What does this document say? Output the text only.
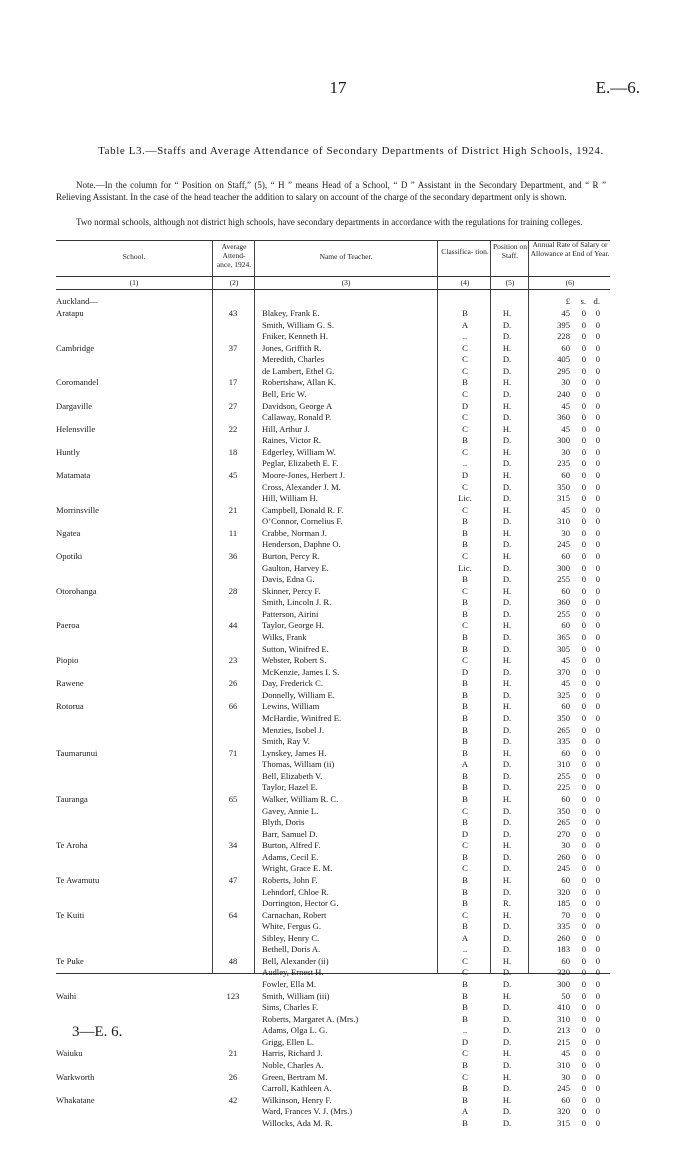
17	E.—6.
Table L3.—Staffs and Average Attendance of Secondary Departments of District High Schools, 1924.
Note.—In the column for “ Position on Staff,” (5), “ H ” means Head of a School, “ D ” Assistant in the Secondary Department, and “ R ” Relieving Assistant. In the case of the head teacher the addition to salary on account of the charge of the secondary department only is shown.
Two normal schools, although not district high schools, have secondary departments in accordance with the regulations for training colleges.
School.
Average Attend- ance, 1924.
Name of Teacher.
Classifica- tion.
Position on Staff.
Annual Rate of Salary or Allowance at End of Year.
(1)	(2)	(3)	(4)	(5)	(6)
Auckland—	£	s. d.
Aratapu	43	Blakey, Frank E.	B	H.	45	0	0
Smith, William G. S.	A	D.	395	0	0
Fniker, Kenneth H.	..	D.	228	0	0
Cambridge	37	Jones, Griffith R.	C	H.	60	0	0
Meredith, Charles	C	D.	405	0	0
de Lambert, Ethel G.	C	D.	295	0	0
Coromandel	17	Robertshaw, Allan K.	B	H.	30	0	0
Bell, Eric W.	C	D.	240	0	0
Dargaville	27	Davidson, George A	D	H.	45	0	0
Callaway, Ronald P.	C	D.	360	0	0
Helensville	22	Hill, Arthur J.	C	H.	45	0	0
Raines, Victor R.	B	D.	300	0	0
Huntly	18	Edgerley, William W.	C	H.	30	0	0
Peglar, Elizabeth E. F.	..	D.	235	0	0
Matamata	45	Moore-Jones, Herbert J.	D	H.	60	0	0
Cross, Alexander J. M.	C	D.	350	0	0
Hill, William H.	Lic.	D.	315	0	0
Morrinsville	21	Campbell, Donald R. F.	C	H.	45	0	0
O’Connor, Cornelius F.	B	D.	310	0	0
Ngatea	11	Crabbe, Norman J.	B	H.	30	0	0
Henderson, Daphne O.	B	D.	245	0	0
Opotiki	36	Burton, Percy R.	C	H.	60	0	0
Gaulton, Harvey E.	Lic.	D.	300	0	0
Davis, Edna G.	B	D.	255	0	0
Otorohanga	28	Skinner, Percy F.	C	H.	60	0	0
Smith, Lincoln J. R.	B	D.	360	0	0
Patterson, Airini	B	D.	255	0	0
Paeroa	44	Taylor, George H.	C	H.	60	0	0
Wilks, Frank	B	D.	365	0	0
Sutton, Winifred E.	B	D.	305	0	0
Piopio	23	Webster, Robert S.	C	H.	45	0	0
McKenzie, James I. S.	D	D.	370	0	0
Rawene	26	Day, Frederick C.	B	H.	45	0	0
Donnelly, William E.	B	D.	325	0	0
Rotorua	66	Lewins, William	B	H.	60	0	0
McHardie, Winifred E.	B	D.	350	0	0
Menzies, Isobel J.	B	D.	265	0	0
Smith, Ray V.	B	D.	335	0	0
Taumarunui	71	Lynskey, James H.	B	H.	60	0	0
Thomas, William (ii)	A	D.	310	0	0
Bell, Elizabeth V.	B	D.	255	0	0
Taylor, Hazel E.	B	D.	225	0	0
Tauranga	65	Walker, William R. C.	B	H.	60	0	0
Gavey, Annie L.	C	D.	350	0	0
Blyth, Doris	B	D.	265	0	0
Barr, Samuel D.	D	D.	270	0	0
Te Aroha	34	Burton, Alfred F.	C	H.	30	0	0
Adams, Cecil E.	B	D.	260	0	0
Wright, Grace E. M.	C	D.	245	0	0
Te Awamutu	47	Roberts, John F.	B	H.	60	0	0
Lehndorf, Chloe R.	B	D.	320	0	0
Dorrington, Hector G.	B	R.	185	0	0
Te Kuiti	64	Carnachan, Robert	C	H.	70	0	0
White, Fergus G.	B	D.	335	0	0
Sibley, Henry C.	A	D.	260	0	0
Bethell, Doris A.	..	D.	183	0	0
Te Puke	48	Bell, Alexander (ii)	C	H.	60	0	0
Audley, Ernest H.	C	D.	320	0	0
Fowler, Ella M.	B	D.	300	0	0
Waihi	123	Smith, William (iii)	B	H.	50	0	0
Sims, Charles F.	B	D.	410	0	0
Roberts, Margaret A. (Mrs.)	B	D.	310	0	0
Adams, Olga L. G.	..	D.	213	0	0
Grigg, Ellen L.	D	D.	215	0	0
Waiuku	21	Harris, Richard J.	C	H.	45	0	0
Noble, Charles A.	B	D.	310	0	0
Warkworth	26	Green, Bertram M.	C	H.	30	0	0
Carroll, Kathleen A.	B	D.	245	0	0
Whakatane	42	Wilkinson, Henry F.	B	H.	60	0	0
Ward, Frances V. J. (Mrs.)	A	D.	320	0	0
Willocks, Ada M. R.	B	D.	315	0	0
3—E. 6.
